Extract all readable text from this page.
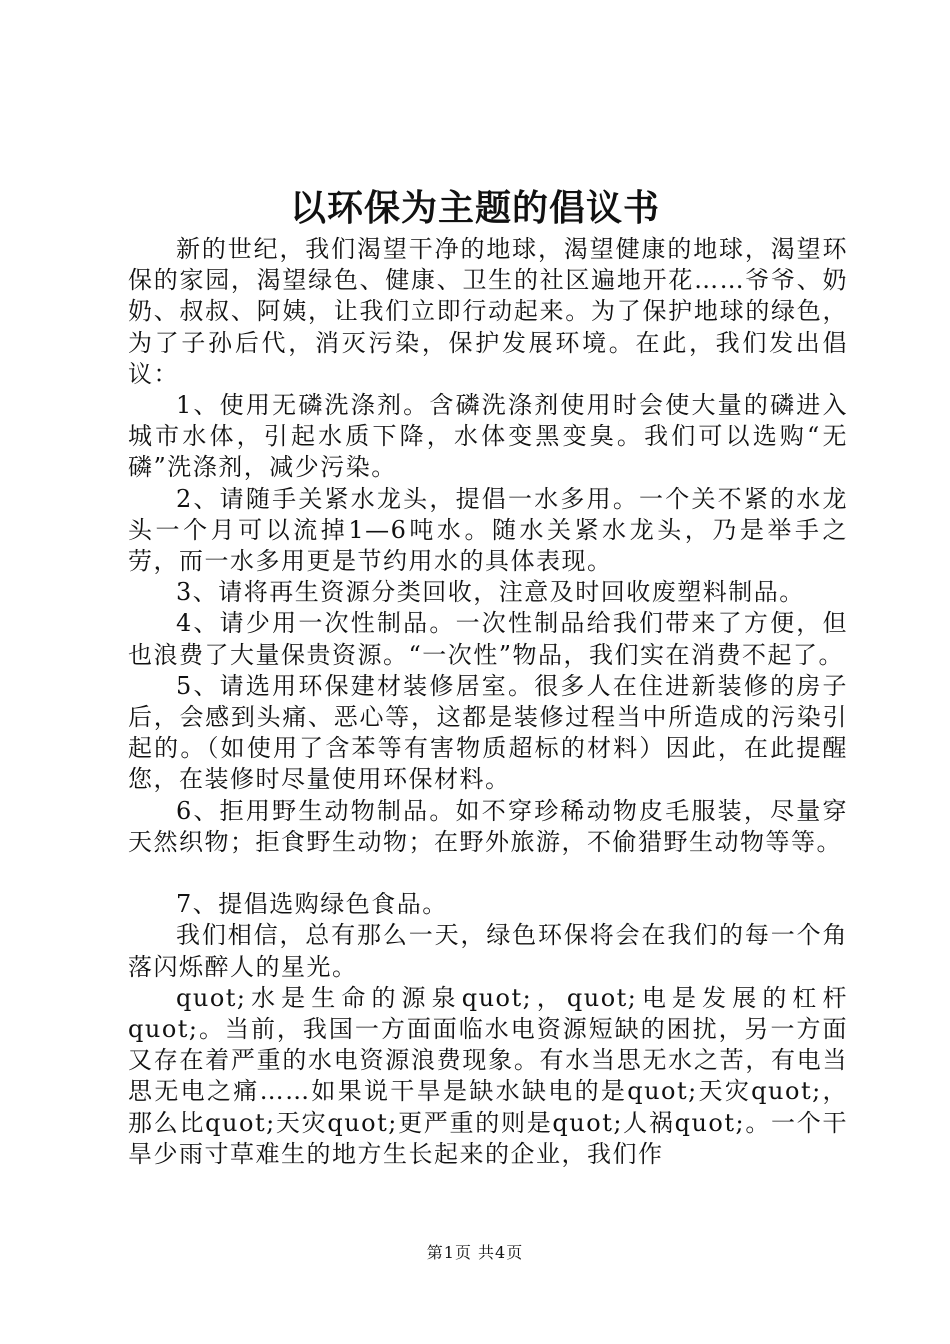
以环保为主题的倡议书

新的世纪，我们渴望干净的地球，渴望健康的地球，渴望环保的家园，渴望绿色、健康、卫生的社区遍地开花……爷爷、奶奶、叔叔、阿姨，让我们立即行动起来。为了保护地球的绿色，为了子孙后代，消灭污染，保护发展环境。在此，我们发出倡议：

1、使用无磷洗涤剂。含磷洗涤剂使用时会使大量的磷进入城市水体，引起水质下降，水体变黑变臭。我们可以选购“无磷”洗涤剂，减少污染。

2、请随手关紧水龙头，提倡一水多用。一个关不紧的水龙头一个月可以流掉1—6吨水。随水关紧水龙头，乃是举手之劳，而一水多用更是节约用水的具体表现。

3、请将再生资源分类回收，注意及时回收废塑料制品。

4、请少用一次性制品。一次性制品给我们带来了方便，但也浪费了大量保贵资源。“一次性”物品，我们实在消费不起了。

5、请选用环保建材装修居室。很多人在住进新装修的房子后，会感到头痛、恶心等，这都是装修过程当中所造成的污染引起的。（如使用了含苯等有害物质超标的材料）因此，在此提醒您，在装修时尽量使用环保材料。

6、拒用野生动物制品。如不穿珍稀动物皮毛服装，尽量穿天然织物；拒食野生动物；在野外旅游，不偷猎野生动物等等。

7、提倡选购绿色食品。

我们相信，总有那么一天，绿色环保将会在我们的每一个角落闪烁醉人的星光。

quot;水是生命的源泉quot;，quot;电是发展的杠杆quot;。当前，我国一方面面临水电资源短缺的困扰，另一方面又存在着严重的水电资源浪费现象。有水当思无水之苦，有电当思无电之痛……如果说干旱是缺水缺电的是quot;天灾quot;，那么比quot;天灾quot;更严重的则是quot;人祸quot;。一个干旱少雨寸草难生的地方生长起来的企业，我们作

第1页 共4页
